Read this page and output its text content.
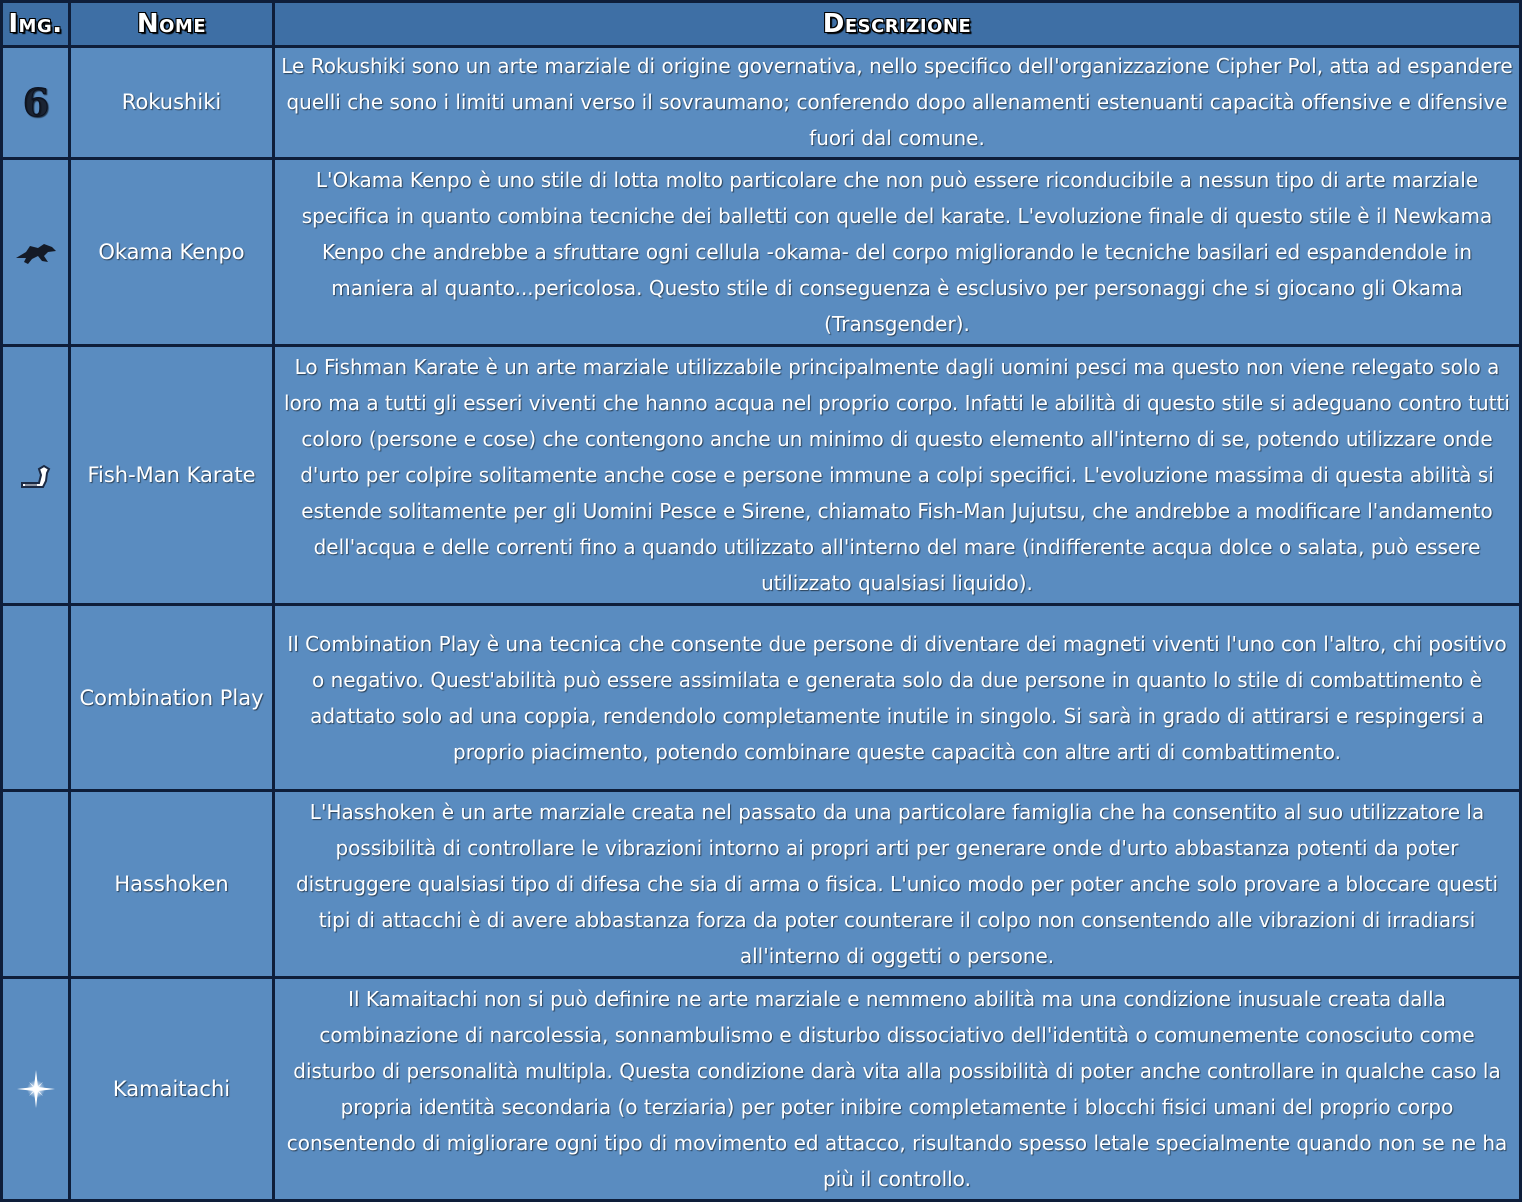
Img.	Nome	Descrizione

6	Rokushiki	Le Rokushiki sono un arte marziale di origine governativa, nello specifico dell'organizzazione Cipher Pol, atta ad espandere quelli che sono i limiti umani verso il sovraumano; conferendo dopo allenamenti estenuanti capacità offensive e difensive fuori dal comune.

	Okama Kenpo	L'Okama Kenpo è uno stile di lotta molto particolare che non può essere riconducibile a nessun tipo di arte marziale specifica in quanto combina tecniche dei balletti con quelle del karate. L'evoluzione finale di questo stile è il Newkama Kenpo che andrebbe a sfruttare ogni cellula -okama- del corpo migliorando le tecniche basilari ed espandendole in maniera al quanto...pericolosa. Questo stile di conseguenza è esclusivo per personaggi che si giocano gli Okama (Transgender).

	Fish-Man Karate	Lo Fishman Karate è un arte marziale utilizzabile principalmente dagli uomini pesci ma questo non viene relegato solo a loro ma a tutti gli esseri viventi che hanno acqua nel proprio corpo. Infatti le abilità di questo stile si adeguano contro tutti coloro (persone e cose) che contengono anche un minimo di questo elemento all'interno di se, potendo utilizzare onde d'urto per colpire solitamente anche cose e persone immune a colpi specifici. L'evoluzione massima di questa abilità si estende solitamente per gli Uomini Pesce e Sirene, chiamato Fish-Man Jujutsu, che andrebbe a modificare l'andamento dell'acqua e delle correnti fino a quando utilizzato all'interno del mare (indifferente acqua dolce o salata, può essere utilizzato qualsiasi liquido).
	Combination Play	Il Combination Play è una tecnica che consente due persone di diventare dei magneti viventi l'uno con l'altro, chi positivo o negativo. Quest'abilità può essere assimilata e generata solo da due persone in quanto lo stile di combattimento è adattato solo ad una coppia, rendendolo completamente inutile in singolo. Si sarà in grado di attirarsi e respingersi a proprio piacimento, potendo combinare queste capacità con altre arti di combattimento.
	Hasshoken	L'Hasshoken è un arte marziale creata nel passato da una particolare famiglia che ha consentito al suo utilizzatore la possibilità di controllare le vibrazioni intorno ai propri arti per generare onde d'urto abbastanza potenti da poter distruggere qualsiasi tipo di difesa che sia di arma o fisica. L'unico modo per poter anche solo provare a bloccare questi tipi di attacchi è di avere abbastanza forza da poter counterare il colpo non consentendo alle vibrazioni di irradiarsi all'interno di oggetti o persone.

	Kamaitachi	Il Kamaitachi non si può definire ne arte marziale e nemmeno abilità ma una condizione inusuale creata dalla combinazione di narcolessia, sonnambulismo e disturbo dissociativo dell'identità o comunemente conosciuto come disturbo di personalità multipla. Questa condizione darà vita alla possibilità di poter anche controllare in qualche caso la propria identità secondaria (o terziaria) per poter inibire completamente i blocchi fisici umani del proprio corpo consentendo di migliorare ogni tipo di movimento ed attacco, risultando spesso letale specialmente quando non se ne ha più il controllo.
